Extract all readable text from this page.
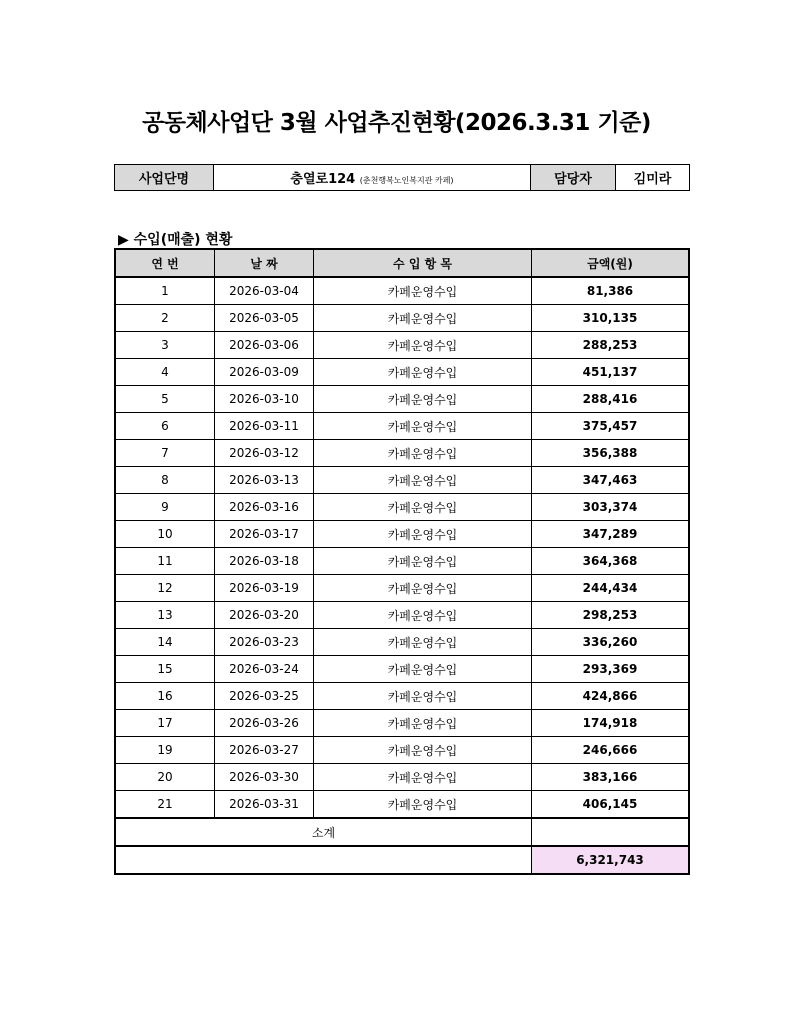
공동체사업단 3월 사업추진현황(2026.3.31 기준)
사업단명	충열로124 (춘천행복노인복지관 카페)	담당자	김미라
▶ 수입(매출) 현황
연 번	날 짜	수 입 항 목	금액(원)
1	2026-03-04	카페운영수입	81,386
2	2026-03-05	카페운영수입	310,135
3	2026-03-06	카페운영수입	288,253
4	2026-03-09	카페운영수입	451,137
5	2026-03-10	카페운영수입	288,416
6	2026-03-11	카페운영수입	375,457
7	2026-03-12	카페운영수입	356,388
8	2026-03-13	카페운영수입	347,463
9	2026-03-16	카페운영수입	303,374
10	2026-03-17	카페운영수입	347,289
11	2026-03-18	카페운영수입	364,368
12	2026-03-19	카페운영수입	244,434
13	2026-03-20	카페운영수입	298,253
14	2026-03-23	카페운영수입	336,260
15	2026-03-24	카페운영수입	293,369
16	2026-03-25	카페운영수입	424,866
17	2026-03-26	카페운영수입	174,918
19	2026-03-27	카페운영수입	246,666
20	2026-03-30	카페운영수입	383,166
21	2026-03-31	카페운영수입	406,145
소계			
			6,321,743
